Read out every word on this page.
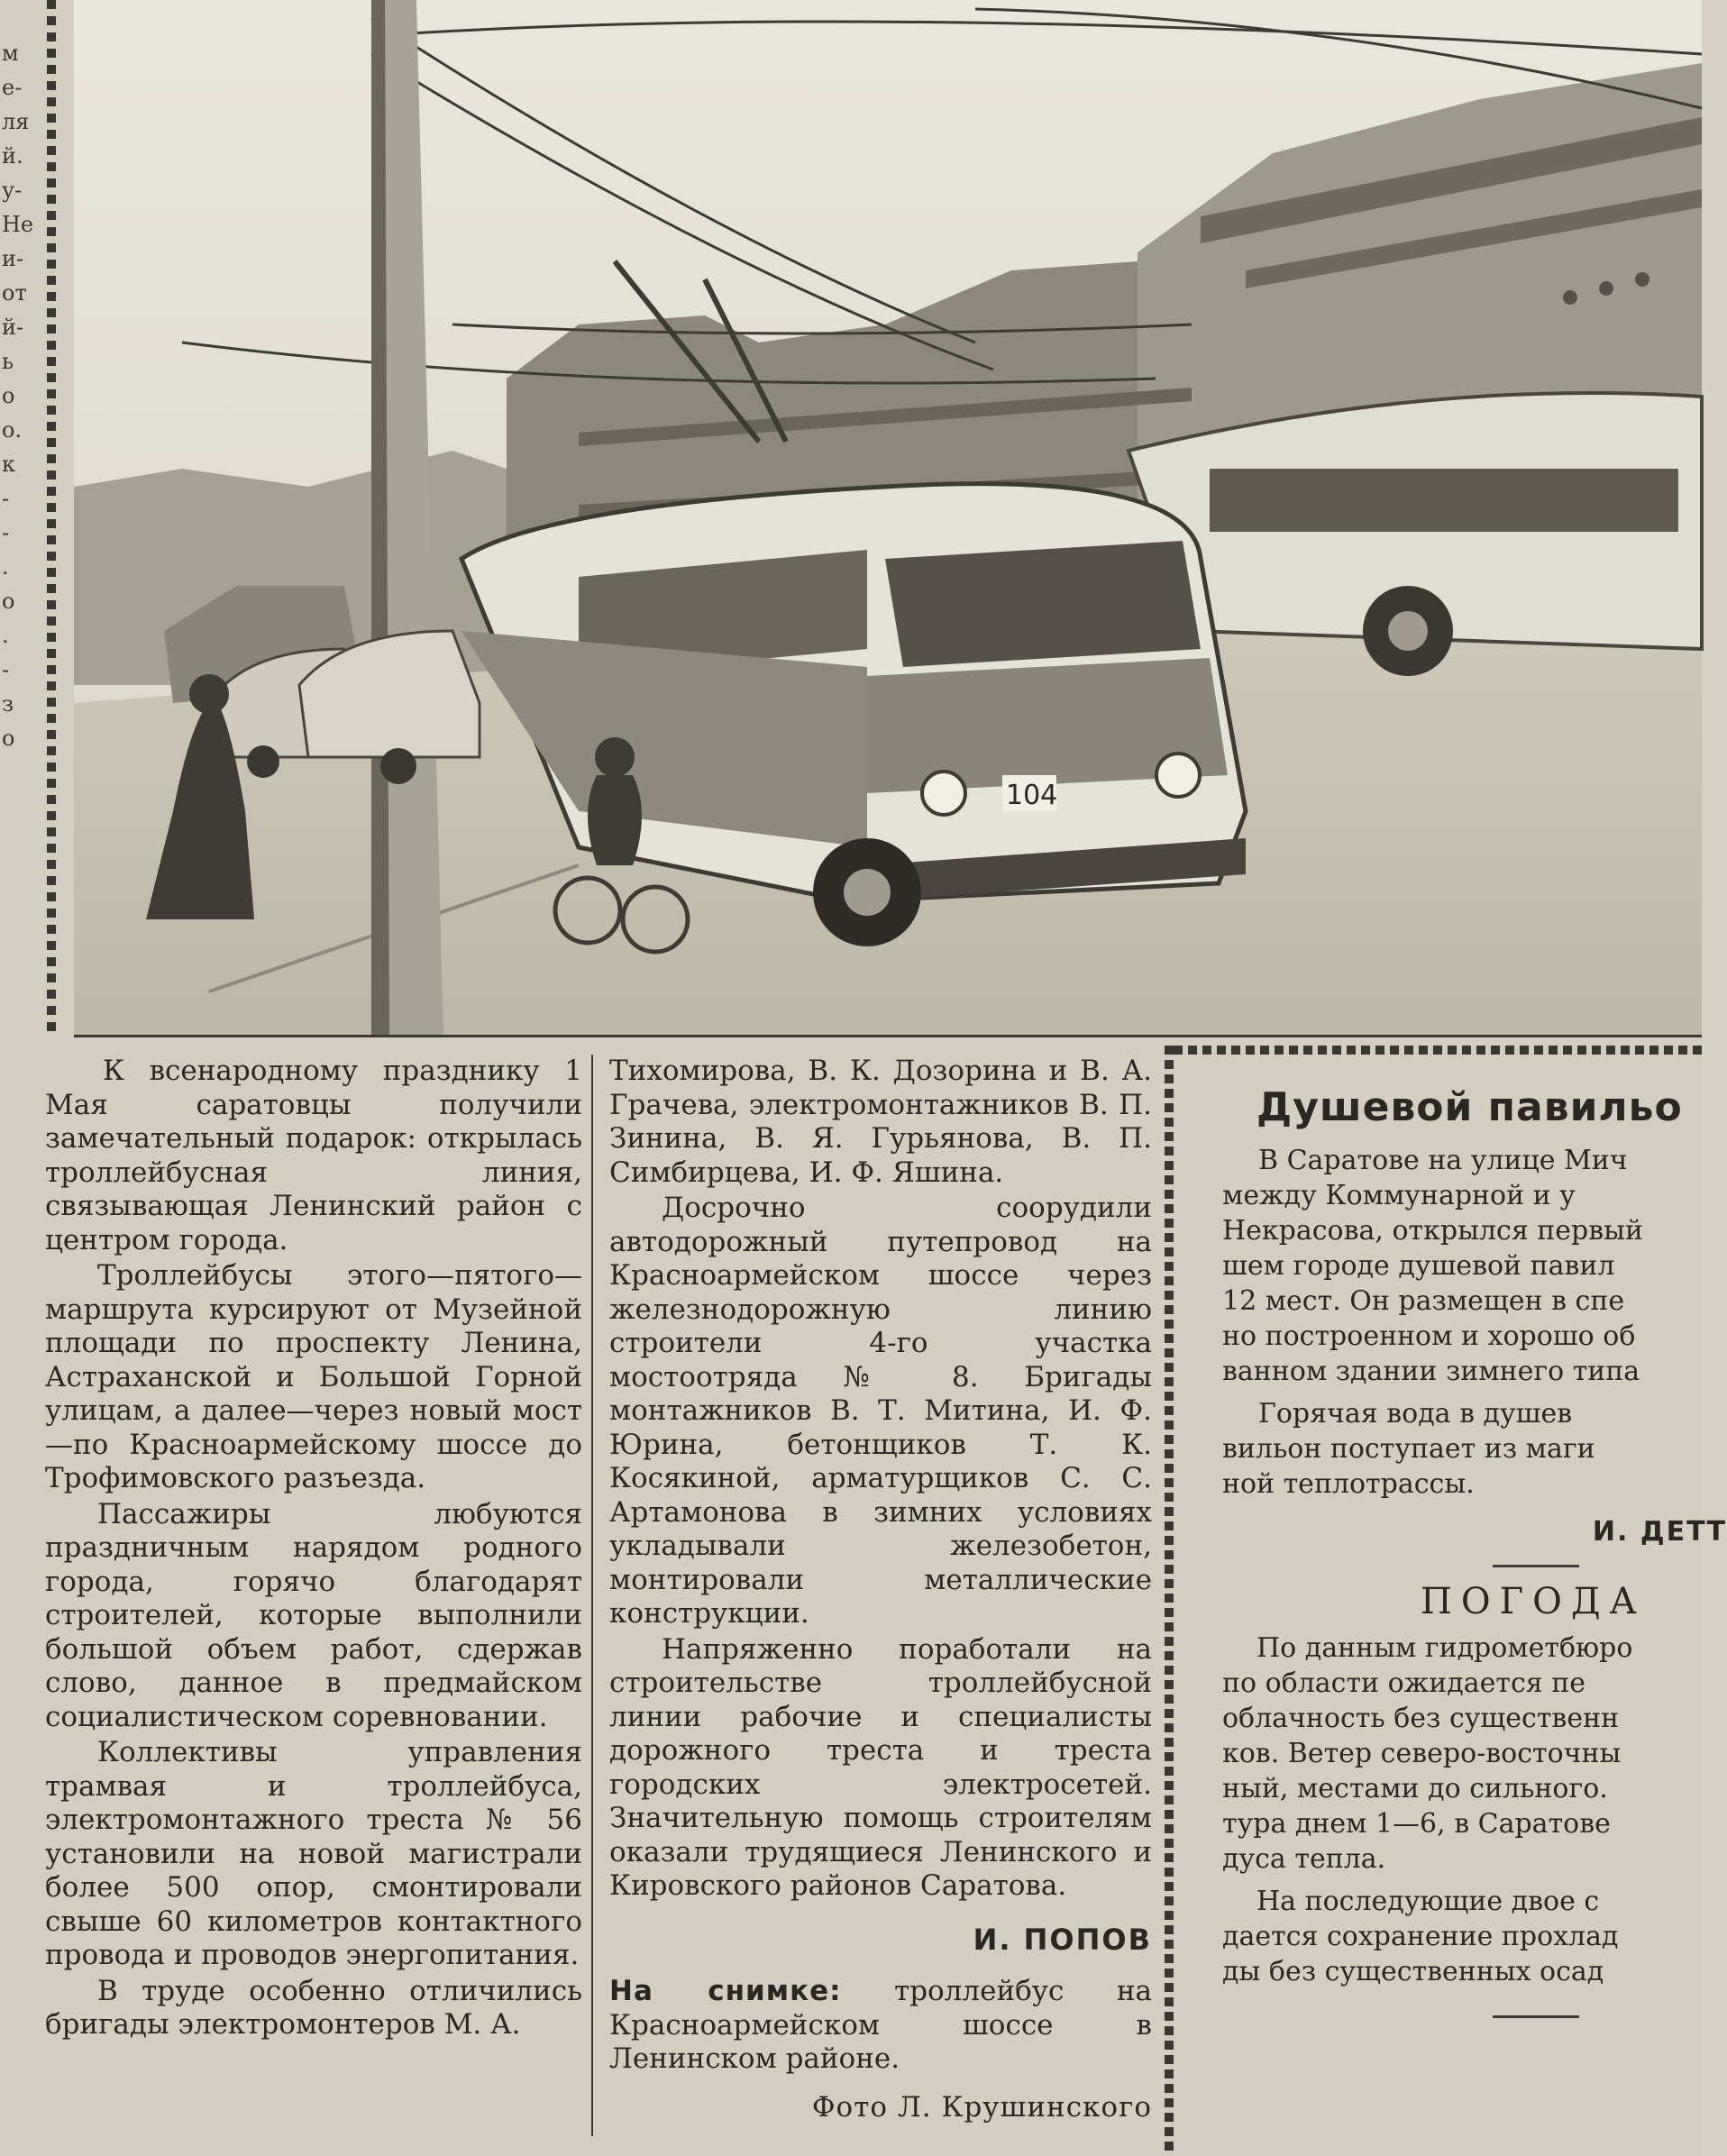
м
е-
ля
й.
у-
Не
и-
от
й-
ь
о
о.
к
-
-
.
о
.
-
з
о
104

К всенародному празднику 1 Мая саратовцы получили замечательный подарок: открылась троллейбусная линия, связывающая Ленинский район с центром города.

Троллейбусы этого—пятого—маршрута курсируют от Музейной площади по проспекту Ленина, Астраханской и Большой Горной улицам, а далее—через новый мост—по Красноармейскому шоссе до Трофимовского разъезда.

Пассажиры любуются праздничным нарядом родного города, горячо благодарят строителей, которые выполнили большой объем работ, сдержав слово, данное в предмайском социалистическом соревновании.

Коллективы управления трамвая и троллейбуса, электромонтажного треста № 56 установили на новой магистрали более 500 опор, смонтировали свыше 60 километров контактного провода и проводов энергопитания.

В труде особенно отличились бригады электромонтеров М. А.

Тихомирова, В. К. Дозорина и В. А. Грачева, электромонтажников В. П. Зинина, В. Я. Гурьянова, В. П. Симбирцева, И. Ф. Яшина.

Досрочно соорудили автодорожный путепровод на Красноармейском шоссе через железнодорожную линию строители 4-го участка мостоотряда № 8. Бригады монтажников В. Т. Митина, И. Ф. Юрина, бетонщиков Т. К. Косякиной, арматурщиков С. С. Артамонова в зимних условиях укладывали железобетон, монтировали металлические конструкции.

Напряженно поработали на строительстве троллейбусной линии рабочие и специалисты дорожного треста и треста городских электросетей. Значительную помощь строителям оказали трудящиеся Ленинского и Кировского районов Саратова.

И. ПОПОВ

На снимке: троллейбус на Красноармейском шоссе в Ленинском районе.

Фото Л. Крушинского
Душевой павильо

В Саратове на улице Мич

между Коммунарной и у

Некрасова, открылся первый

шем городе душевой павил

12 мест. Он размещен в спе

но построенном и хорошо об

ванном здании зимнего типа

Горячая вода в душев

вильон поступает из маги

ной теплотрассы.

И. ДЕТТ
ПОГОДА

По данным гидрометбюро

по области ожидается пе

облачность без существенн

ков. Ветер северо-восточны

ный, местами до сильного.

тура днем 1—6, в Саратове

дуса тепла.

На последующие двое с

дается сохранение прохлад

ды без существенных осад
